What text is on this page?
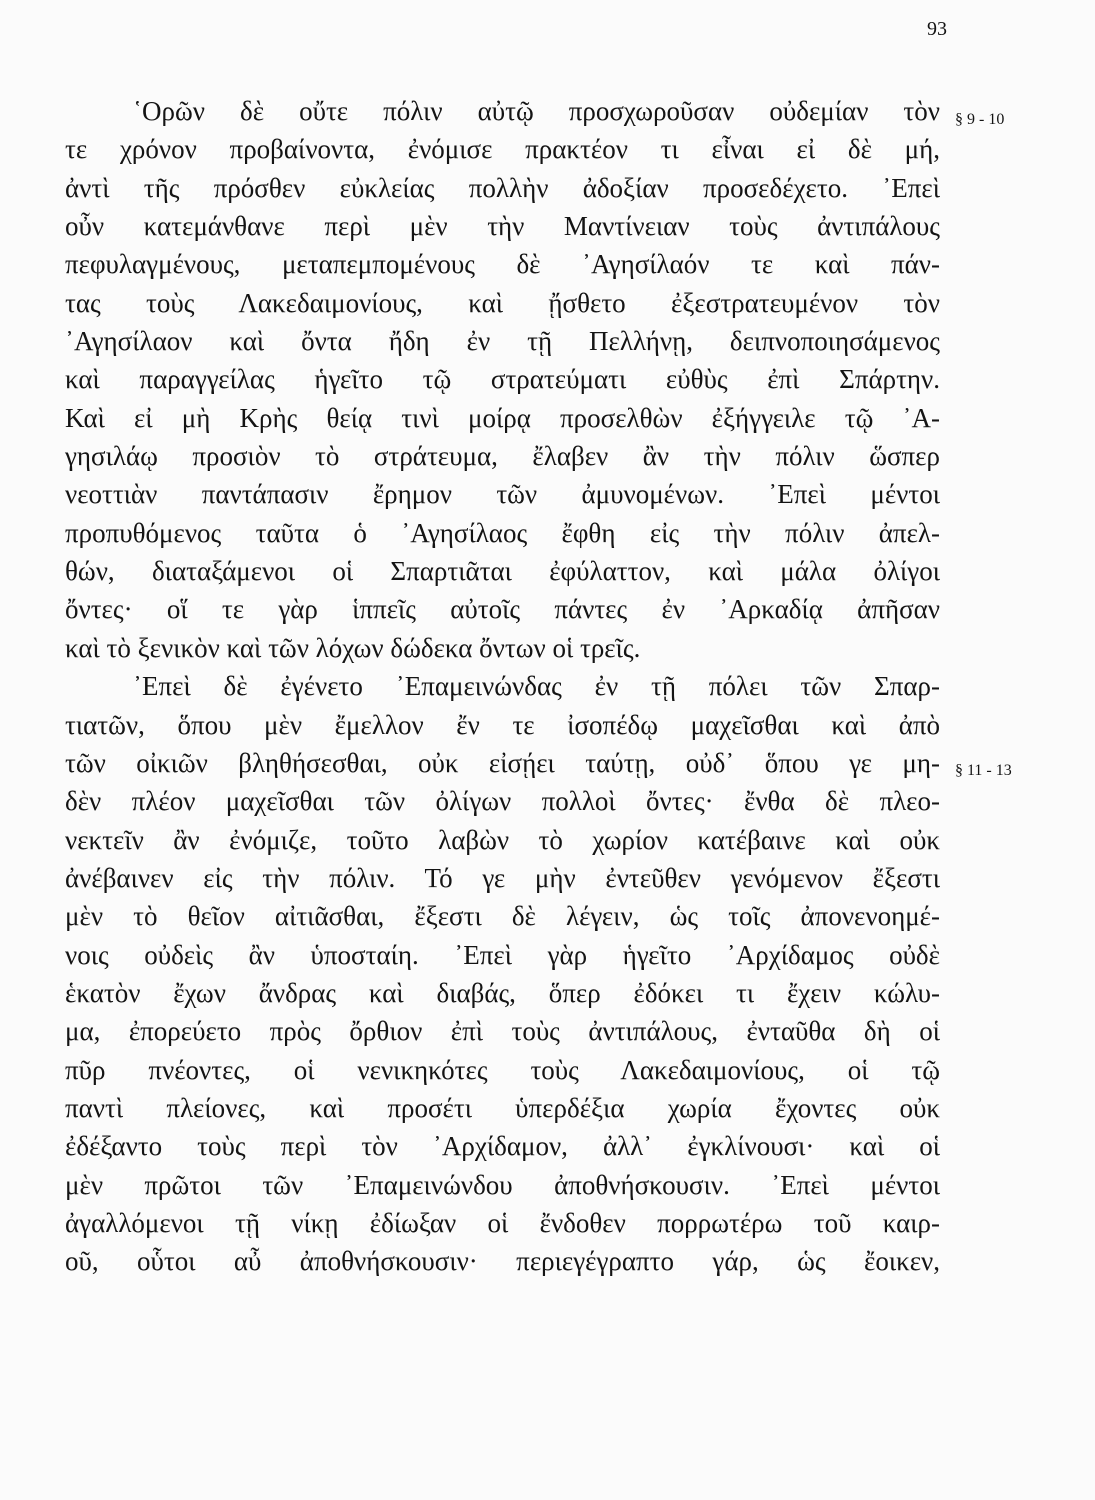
93
§ 9 - 10
§ 11 - 13
῾Ορῶν δὲ οὔτε πόλιν αὐτῷ προσχωροῦσαν οὐδεμίαν τὸν
τε χρόνον προβαίνοντα, ἐνόμισε πρακτέον τι εἶναι εἰ δὲ μή,
ἀντὶ τῆς πρόσθεν εὐκλείας πολλὴν ἀδοξίαν προσεδέχετο. ᾿Επεὶ
οὖν κατεμάνθανε περὶ μὲν τὴν Μαντίνειαν τοὺς ἀντιπάλους
πεφυλαγμένους, μεταπεμπομένους δὲ ᾿Αγησίλαόν τε καὶ πάν-
τας τοὺς Λακεδαιμονίους, καὶ ᾔσθετο ἐξεστρατευμένον τὸν
᾿Αγησίλαον καὶ ὄντα ἤδη ἐν τῇ Πελλήνῃ, δειπνοποιησάμενος
καὶ παραγγείλας ἡγεῖτο τῷ στρατεύματι εὐθὺς ἐπὶ Σπάρτην.
Καὶ εἰ μὴ Κρὴς θείᾳ τινὶ μοίρᾳ προσελθὼν ἐξήγγειλε τῷ ᾿Α-
γησιλάῳ προσιὸν τὸ στράτευμα, ἔλαβεν ἂν τὴν πόλιν ὥσπερ
νεοττιὰν παντάπασιν ἔρημον τῶν ἀμυνομένων. ᾿Επεὶ μέντοι
προπυθόμενος ταῦτα ὁ ᾿Αγησίλαος ἔφθη εἰς τὴν πόλιν ἀπελ-
θών, διαταξάμενοι οἱ Σπαρτιᾶται ἐφύλαττον, καὶ μάλα ὀλίγοι
ὄντες· οἵ τε γὰρ ἱππεῖς αὐτοῖς πάντες ἐν ᾿Αρκαδίᾳ ἀπῆσαν
καὶ τὸ ξενικὸν καὶ τῶν λόχων δώδεκα ὄντων οἱ τρεῖς.
᾿Επεὶ δὲ ἐγένετο ᾿Επαμεινώνδας ἐν τῇ πόλει τῶν Σπαρ-
τιατῶν, ὅπου μὲν ἔμελλον ἔν τε ἰσοπέδῳ μαχεῖσθαι καὶ ἀπὸ
τῶν οἰκιῶν βληθήσεσθαι, οὐκ εἰσῄει ταύτῃ, οὐδ᾿ ὅπου γε μη-
δὲν πλέον μαχεῖσθαι τῶν ὀλίγων πολλοὶ ὄντες· ἔνθα δὲ πλεο-
νεκτεῖν ἂν ἐνόμιζε, τοῦτο λαβὼν τὸ χωρίον κατέβαινε καὶ οὐκ
ἀνέβαινεν εἰς τὴν πόλιν. Τό γε μὴν ἐντεῦθεν γενόμενον ἔξεστι
μὲν τὸ θεῖον αἰτιᾶσθαι, ἔξεστι δὲ λέγειν, ὡς τοῖς ἀπονενοημέ-
νοις οὐδεὶς ἂν ὑποσταίη. ᾿Επεὶ γὰρ ἡγεῖτο ᾿Αρχίδαμος οὐδὲ
ἑκατὸν ἔχων ἄνδρας καὶ διαβάς, ὅπερ ἐδόκει τι ἔχειν κώλυ-
μα, ἐπορεύετο πρὸς ὄρθιον ἐπὶ τοὺς ἀντιπάλους, ἐνταῦθα δὴ οἱ
πῦρ πνέοντες, οἱ νενικηκότες τοὺς Λακεδαιμονίους, οἱ τῷ
παντὶ πλείονες, καὶ προσέτι ὑπερδέξια χωρία ἔχοντες οὐκ
ἐδέξαντο τοὺς περὶ τὸν ᾿Αρχίδαμον, ἀλλ᾿ ἐγκλίνουσι· καὶ οἱ
μὲν πρῶτοι τῶν ᾿Επαμεινώνδου ἀποθνήσκουσιν. ᾿Επεὶ μέντοι
ἀγαλλόμενοι τῇ νίκῃ ἐδίωξαν οἱ ἔνδοθεν πορρωτέρω τοῦ καιρ-
οῦ, οὗτοι αὖ ἀποθνήσκουσιν· περιεγέγραπτο γάρ, ὡς ἔοικεν,
